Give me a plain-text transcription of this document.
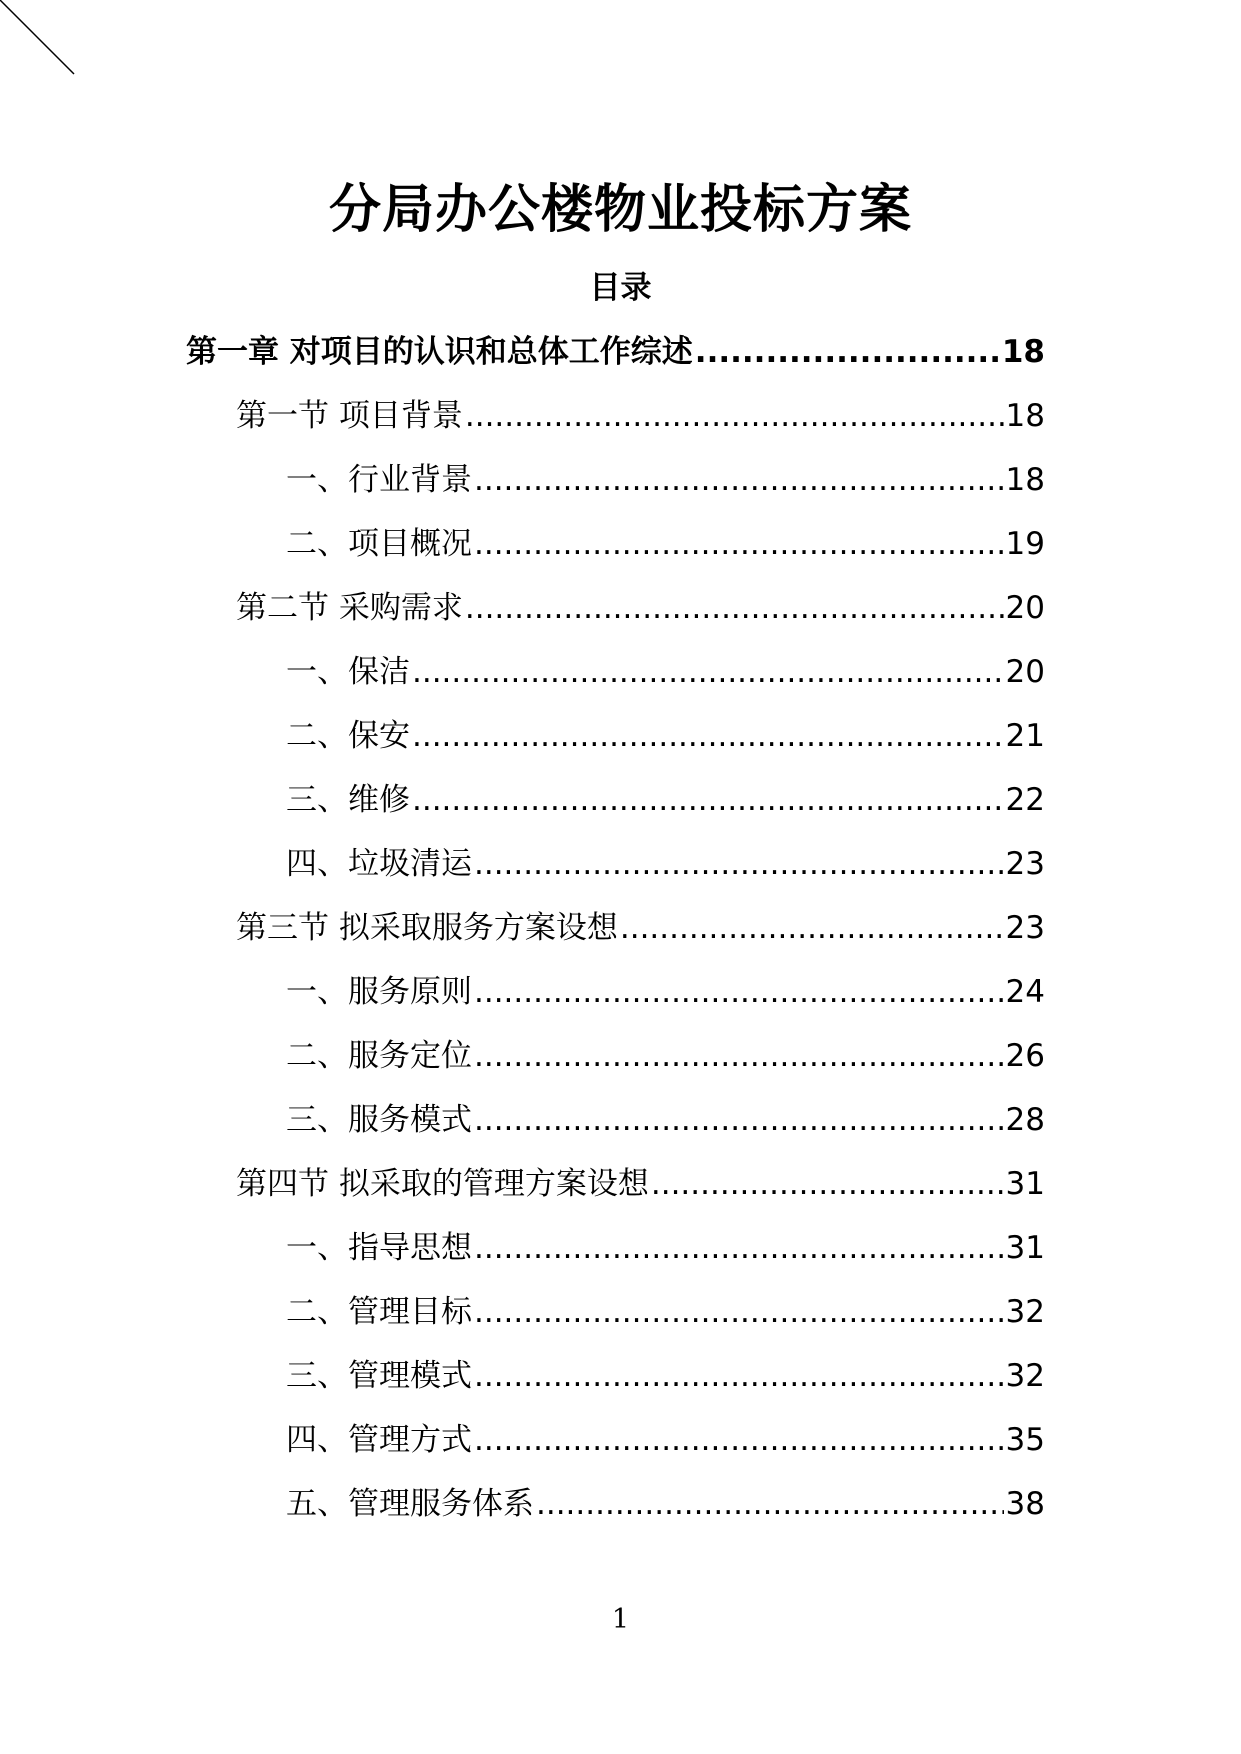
分局办公楼物业投标方案
目录
第一章 对项目的认识和总体工作综述 .....	18
第一节 项目背景 .....	18
一、行业背景 .....	18
二、项目概况 .....	19
第二节 采购需求 .....	20
一、保洁 .....	20
二、保安 .....	21
三、维修 .....	22
四、垃圾清运 .....	23
第三节 拟采取服务方案设想 .....	23
一、服务原则 .....	24
二、服务定位 .....	26
三、服务模式 .....	28
第四节 拟采取的管理方案设想 .....	31
一、指导思想 .....	31
二、管理目标 .....	32
三、管理模式 .....	32
四、管理方式 .....	35
五、管理服务体系 .....	38
1
